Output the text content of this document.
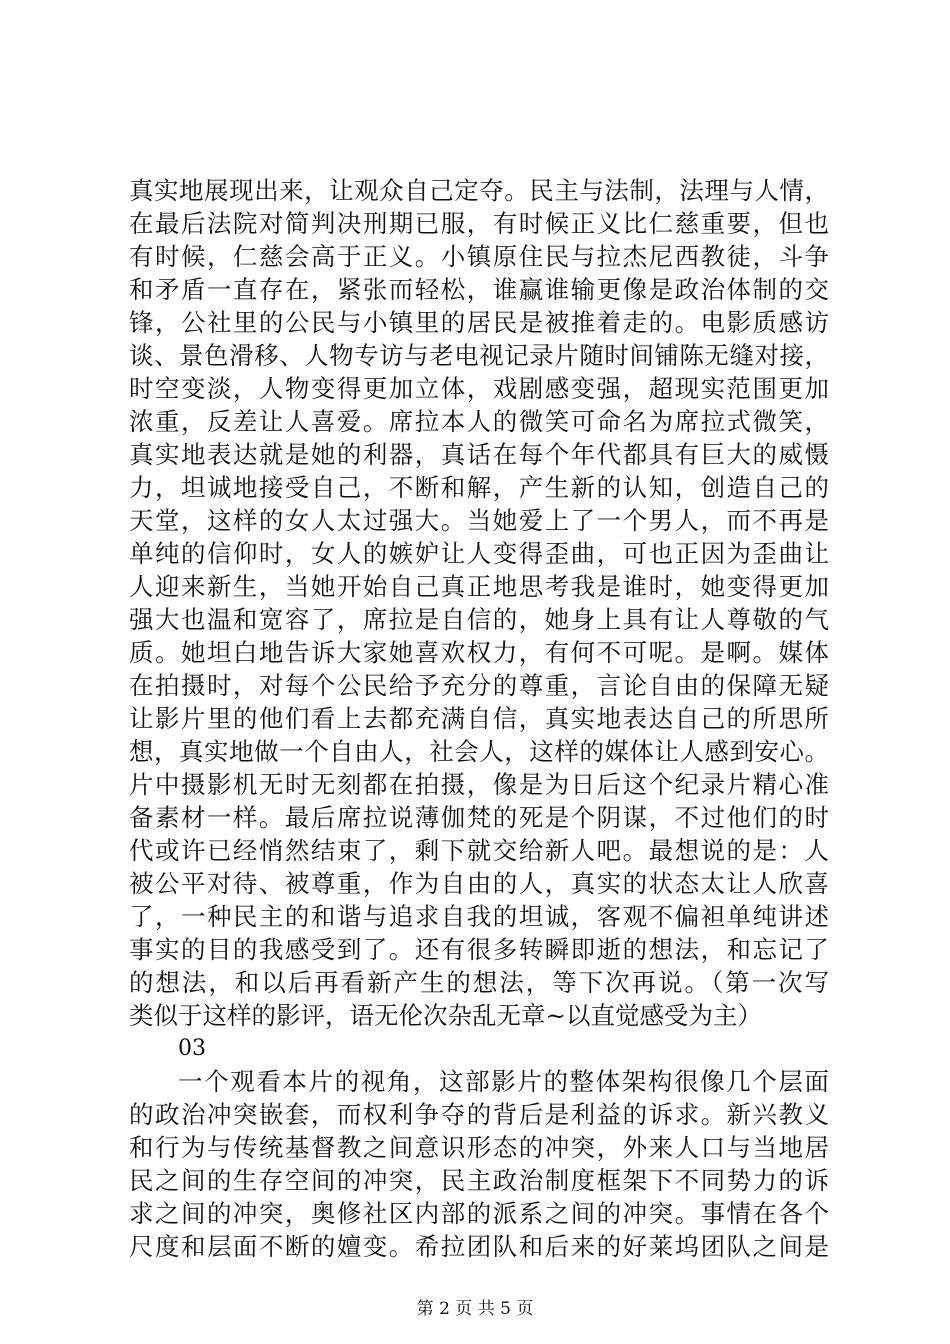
真实地展现出来，让观众自己定夺。民主与法制，法理与人情，
在最后法院对简判决刑期已服，有时候正义比仁慈重要，但也
有时候，仁慈会高于正义。小镇原住民与拉杰尼西教徒，斗争
和矛盾一直存在，紧张而轻松，谁赢谁输更像是政治体制的交
锋，公社里的公民与小镇里的居民是被推着走的。电影质感访
谈、景色滑移、人物专访与老电视记录片随时间铺陈无缝对接，
时空变淡，人物变得更加立体，戏剧感变强，超现实范围更加
浓重，反差让人喜爱。席拉本人的微笑可命名为席拉式微笑，
真实地表达就是她的利器，真话在每个年代都具有巨大的威慑
力，坦诚地接受自己，不断和解，产生新的认知，创造自己的
天堂，这样的女人太过强大。当她爱上了一个男人，而不再是
单纯的信仰时，女人的嫉妒让人变得歪曲，可也正因为歪曲让
人迎来新生，当她开始自己真正地思考我是谁时，她变得更加
强大也温和宽容了，席拉是自信的，她身上具有让人尊敬的气
质。她坦白地告诉大家她喜欢权力，有何不可呢。是啊。媒体
在拍摄时，对每个公民给予充分的尊重，言论自由的保障无疑
让影片里的他们看上去都充满自信，真实地表达自己的所思所
想，真实地做一个自由人，社会人，这样的媒体让人感到安心。
片中摄影机无时无刻都在拍摄，像是为日后这个纪录片精心准
备素材一样。最后席拉说薄伽梵的死是个阴谋，不过他们的时
代或许已经悄然结束了，剩下就交给新人吧。最想说的是：人
被公平对待、被尊重，作为自由的人，真实的状态太让人欣喜
了，一种民主的和谐与追求自我的坦诚，客观不偏袒单纯讲述
事实的目的我感受到了。还有很多转瞬即逝的想法，和忘记了
的想法，和以后再看新产生的想法，等下次再说。（第一次写
类似于这样的影评，语无伦次杂乱无章~以直觉感受为主）
03
一个观看本片的视角，这部影片的整体架构很像几个层面
的政治冲突嵌套，而权利争夺的背后是利益的诉求。新兴教义
和行为与传统基督教之间意识形态的冲突，外来人口与当地居
民之间的生存空间的冲突，民主政治制度框架下不同势力的诉
求之间的冲突，奥修社区内部的派系之间的冲突。事情在各个
尺度和层面不断的嬗变。希拉团队和后来的好莱坞团队之间是
第 2 页 共 5 页
